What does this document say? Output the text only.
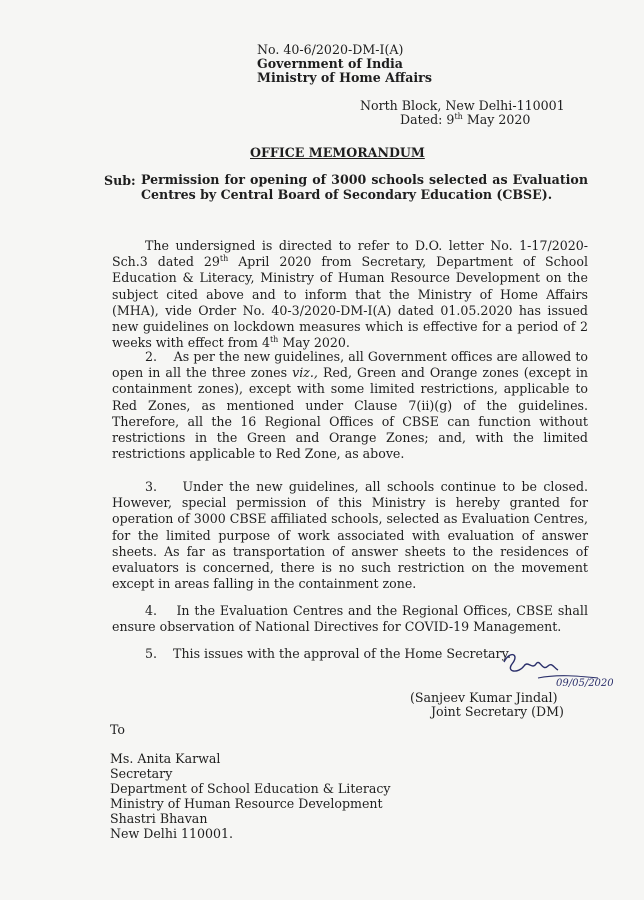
No. 40-6/2020-DM-I(A)
Government of India
Ministry of Home Affairs
North Block, New Delhi-110001
Dated: 9th May 2020
OFFICE MEMORANDUM
Sub: Permission for opening of 3000 schools selected as Evaluation Centres by Central Board of Secondary Education (CBSE).

The undersigned is directed to refer to D.O. letter No. 1-17/2020-Sch.3 dated 29th April 2020 from Secretary, Department of School Education & Literacy, Ministry of Human Resource Development on the subject cited above and to inform that the Ministry of Home Affairs (MHA), vide Order No. 40-3/2020-DM-I(A) dated 01.05.2020 has issued new guidelines on lockdown measures which is effective for a period of 2 weeks with effect from 4th May 2020.

2. As per the new guidelines, all Government offices are allowed to open in all the three zones viz., Red, Green and Orange zones (except in containment zones), except with some limited restrictions, applicable to Red Zones, as mentioned under Clause 7(ii)(g) of the guidelines. Therefore, all the 16 Regional Offices of CBSE can function without restrictions in the Green and Orange Zones; and, with the limited restrictions applicable to Red Zone, as above.

3. Under the new guidelines, all schools continue to be closed. However, special permission of this Ministry is hereby granted for operation of 3000 CBSE affiliated schools, selected as Evaluation Centres, for the limited purpose of work associated with evaluation of answer sheets. As far as transportation of answer sheets to the residences of evaluators is concerned, there is no such restriction on the movement except in areas falling in the containment zone.

4. In the Evaluation Centres and the Regional Offices, CBSE shall ensure observation of National Directives for COVID-19 Management.

5. This issues with the approval of the Home Secretary.

09/05/2020
(Sanjeev Kumar Jindal)
Joint Secretary (DM)
To
Ms. Anita Karwal
Secretary
Department of School Education & Literacy
Ministry of Human Resource Development
Shastri Bhavan
New Delhi 110001.
